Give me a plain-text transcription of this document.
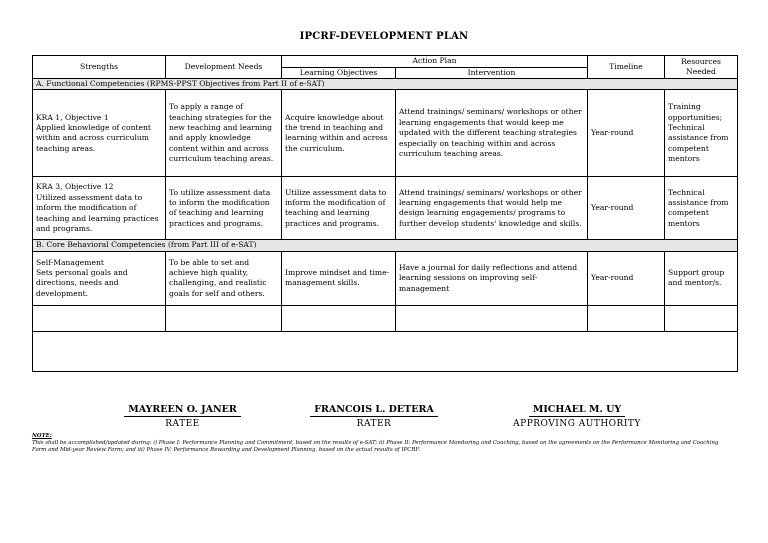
IPCRF-DEVELOPMENT PLAN
Strengths	Development Needs	Action Plan		Timeline	Resources
Needed
		Learning Objectives	Intervention		
A. Functional Competencies (RPMS-PPST Objectives from Part II of e-SAT)					
KRA 1, Objective 1
Applied knowledge of content within and across curriculum teaching areas.	To apply a range of teaching strategies for the new teaching and learning and apply knowledge content within and across curriculum teaching areas.	Acquire knowledge about the trend in teaching and learning within and across the curriculum.	Attend trainings/ seminars/ workshops or other learning engagements that would keep me updated with the different teaching strategies especially on teaching within and across curriculum teaching areas.	Year-round	Training opportunities; Technical assistance from competent mentors
KRA 3, Objective 12
Utilized assessment data to inform the modification of teaching and learning practices and programs.	To utilize assessment data to inform the modification of teaching and learning practices and programs.	Utilize assessment data to inform the modification of teaching and learning practices and programs.	Attend trainings/ seminars/ workshops or other learning engagements that would help me design learning engagements/ programs to further develop students' knowledge and skills.	Year-round	Technical assistance from competent mentors
B. Core Behavioral Competencies (from Part III of e-SAT)					
Self-Management
Sets personal goals and directions, needs and development.	To be able to set and achieve high quality, challenging, and realistic goals for self and others.	Improve mindset and time-management skills.	Have a journal for daily reflections and attend learning sessions on improving self-management	Year-round	Support group and mentor/s.

MAYREEN O. JANER
RATEE
FRANCOIS L. DETERA
RATER
MICHAEL M. UY
APPROVING AUTHORITY
NOTE:
This shall be accomplished/updated during: i) Phase I: Performance Planning and Commitment, based on the results of e-SAT; ii) Phase II: Performance Monitoring and Coaching, based on the agreements on the Performance Monitoring and Coaching Form and Mid-year Review Form; and iii) Phase IV: Performance Rewarding and Development Planning, based on the actual results of IPCRF.
